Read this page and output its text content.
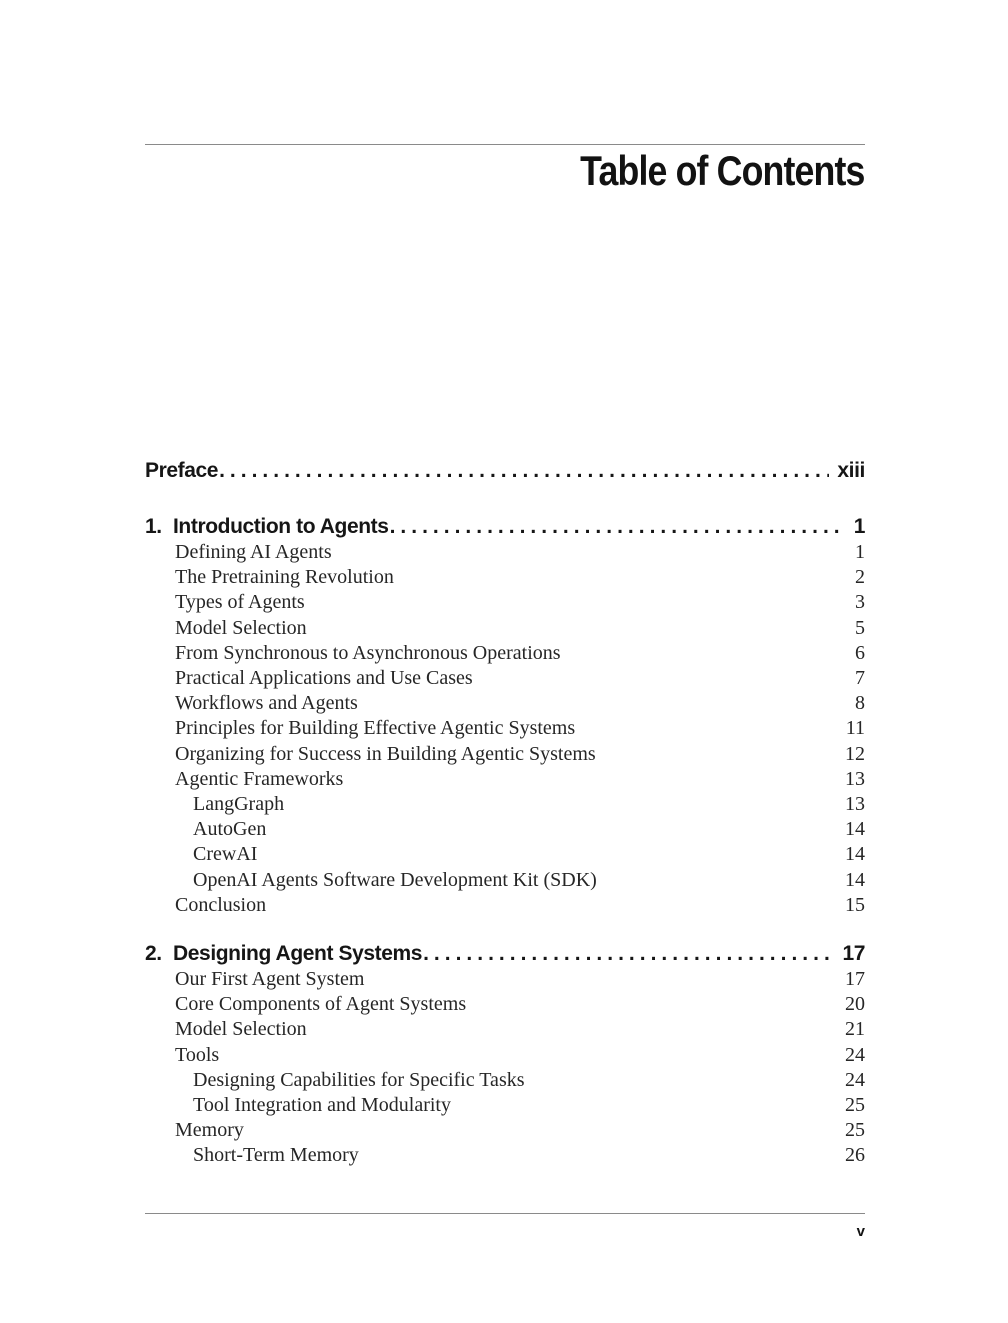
Table of Contents
Preface .....	xiii
1. Introduction to Agents .....	1
Defining AI Agents	1
The Pretraining Revolution	2
Types of Agents	3
Model Selection	5
From Synchronous to Asynchronous Operations	6
Practical Applications and Use Cases	7
Workflows and Agents	8
Principles for Building Effective Agentic Systems	11
Organizing for Success in Building Agentic Systems	12
Agentic Frameworks	13
LangGraph	13
AutoGen	14
CrewAI	14
OpenAI Agents Software Development Kit (SDK)	14
Conclusion	15
2. Designing Agent Systems .....	17
Our First Agent System	17
Core Components of Agent Systems	20
Model Selection	21
Tools	24
Designing Capabilities for Specific Tasks	24
Tool Integration and Modularity	25
Memory	25
Short-Term Memory	26
v
